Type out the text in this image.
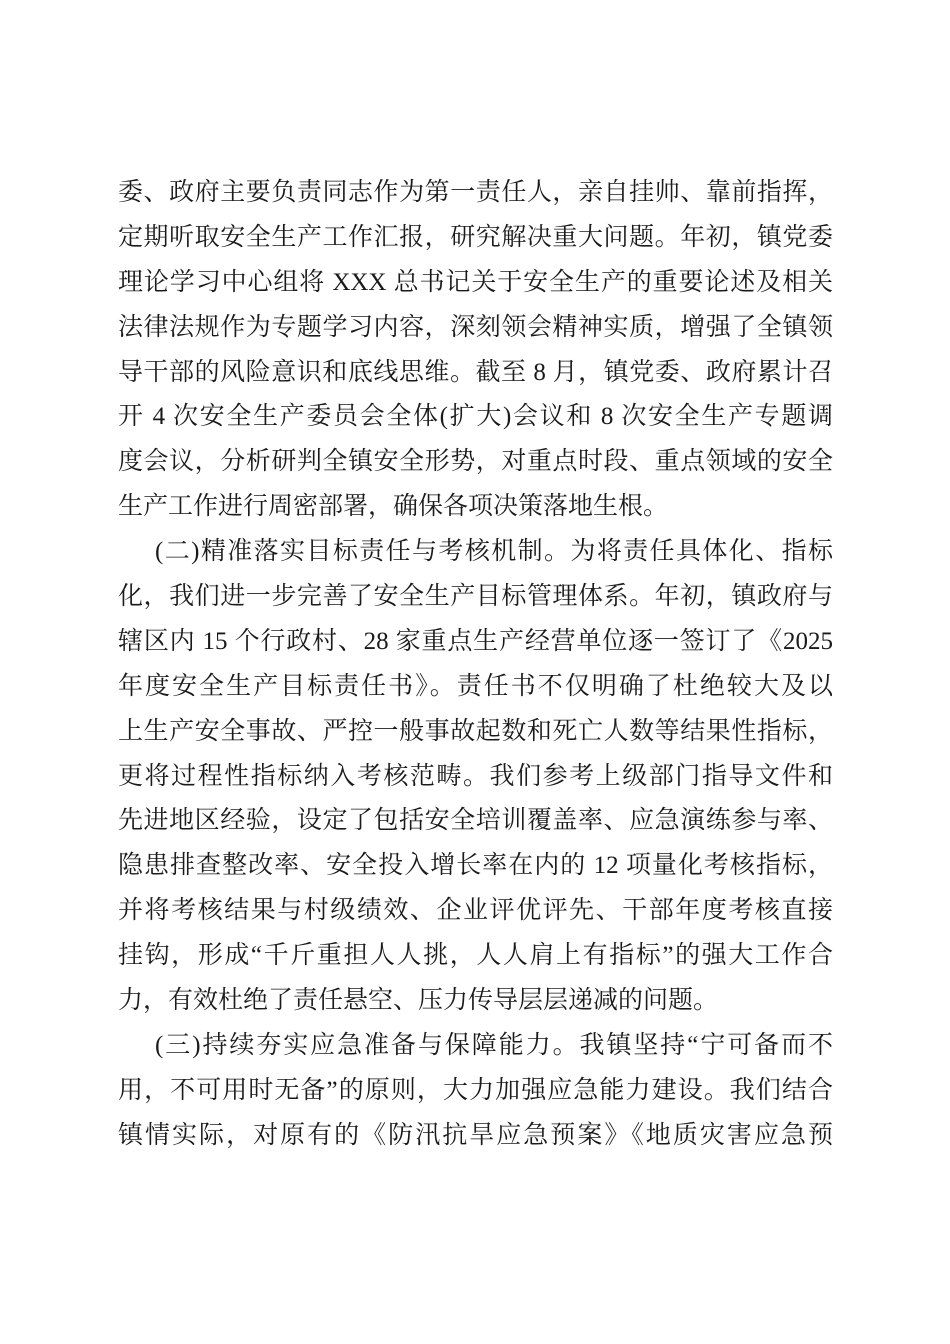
委、政府主要负责同志作为第一责任人，亲自挂帅、靠前指挥，
定期听取安全生产工作汇报，研究解决重大问题。年初，镇党委
理论学习中心组将 XXX 总书记关于安全生产的重要论述及相关
法律法规作为专题学习内容，深刻领会精神实质，增强了全镇领
导干部的风险意识和底线思维。截至 8 月，镇党委、政府累计召
开 4 次安全生产委员会全体(扩大)会议和 8 次安全生产专题调
度会议，分析研判全镇安全形势，对重点时段、重点领域的安全
生产工作进行周密部署，确保各项决策落地生根。
(二)精准落实目标责任与考核机制。为将责任具体化、指标
化，我们进一步完善了安全生产目标管理体系。年初，镇政府与
辖区内 15 个行政村、28 家重点生产经营单位逐一签订了《2025
年度安全生产目标责任书》。责任书不仅明确了杜绝较大及以
上生产安全事故、严控一般事故起数和死亡人数等结果性指标，
更将过程性指标纳入考核范畴。我们参考上级部门指导文件和
先进地区经验，设定了包括安全培训覆盖率、应急演练参与率、
隐患排查整改率、安全投入增长率在内的 12 项量化考核指标，
并将考核结果与村级绩效、企业评优评先、干部年度考核直接
挂钩，形成“千斤重担人人挑，人人肩上有指标”的强大工作合
力，有效杜绝了责任悬空、压力传导层层递减的问题。
(三)持续夯实应急准备与保障能力。我镇坚持“宁可备而不
用，不可用时无备”的原则，大力加强应急能力建设。我们结合
镇情实际，对原有的《防汛抗旱应急预案》《地质灾害应急预
